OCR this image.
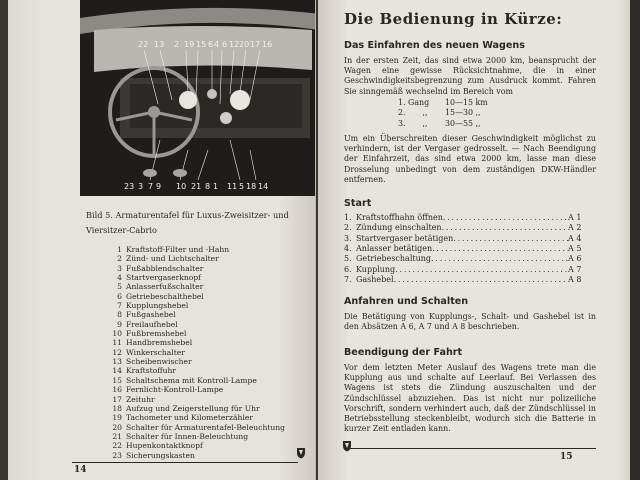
22 13 2 19 15 6 4 6 12 20 17 16
23 3 7 9 10 21 8 1 11 5 18 14
Bild 5. Armaturentafel für Luxus-Zweisitzer- und Viersitzer-Cabrio
1 Kraftstoff-Filter und -Hahn
2 Zünd- und Lichtschalter
3 Fußabblendschalter
4 Startvergaserknopf
5 Anlasserfußschalter
6 Getriebeschalthebel
7 Kupplungshebel
8 Fußgashebel
9 Freilaufhebel
10 Fußbremshebel
11 Handbremshebel
12 Winkerschalter
13 Scheibenwischer
14 Kraftstoffuhr
15 Schaltschema mit Kontroll-Lampe
16 Fernlicht-Kontroll-Lampe
17 Zeituhr
18 Aufzug und Zeigerstellung für Uhr
19 Tachometer und Kilometerzähler
20 Schalter für Armaturentafel-Beleuchtung
21 Schalter für Innen-Beleuchtung
22 Hupenkontaktknopf
23 Sicherungskasten
14
Die Bedienung in Kürze:
Das Einfahren des neuen Wagens
In der ersten Zeit, das sind etwa 2000 km, beansprucht der Wagen eine gewisse Rücksichtnahme, die in einer Geschwindigkeitsbegrenzung zum Ausdruck kommt. Fahren Sie sinngemäß wechselnd im Bereich vom
1. Gang 10—15 km
2. ,, 15—30 ,,
3. ,, 30—55 ,,
Um ein Überschreiten dieser Geschwindigkeit möglichst zu verhindern, ist der Vergaser gedrosselt. — Nach Beendigung der Einfahrzeit, das sind etwa 2000 km, lasse man diese Drosselung unbedingt von dem zuständigen DKW-Händler entfernen.
Start
1. Kraftstoffhahn öffnen .....	A 1
2. Zündung einschalten .....	A 2
3. Startvergaser betätigen .....	A 4
4. Anlasser betätigen .....	A 5
5. Getriebeschaltung .....	A 6
6. Kupplung .....	A 7
7. Gashebel .....	A 8
Anfahren und Schalten
Die Betätigung von Kupplungs-, Schalt- und Gashebel ist in den Absätzen A 6, A 7 und A 8 beschrieben.
Beendigung der Fahrt
Vor dem letzten Meter Auslauf des Wagens trete man die Kupplung aus und schalte auf Leerlauf. Bei Verlassen des Wagens ist stets die Zündung auszuschalten und der Zündschlüssel abzuziehen. Das ist nicht nur polizeiliche Vorschrift, sondern verhindert auch, daß der Zündschlüssel in Betriebsstellung steckenbleibt, wodurch sich die Batterie in kurzer Zeit entladen kann.
15
